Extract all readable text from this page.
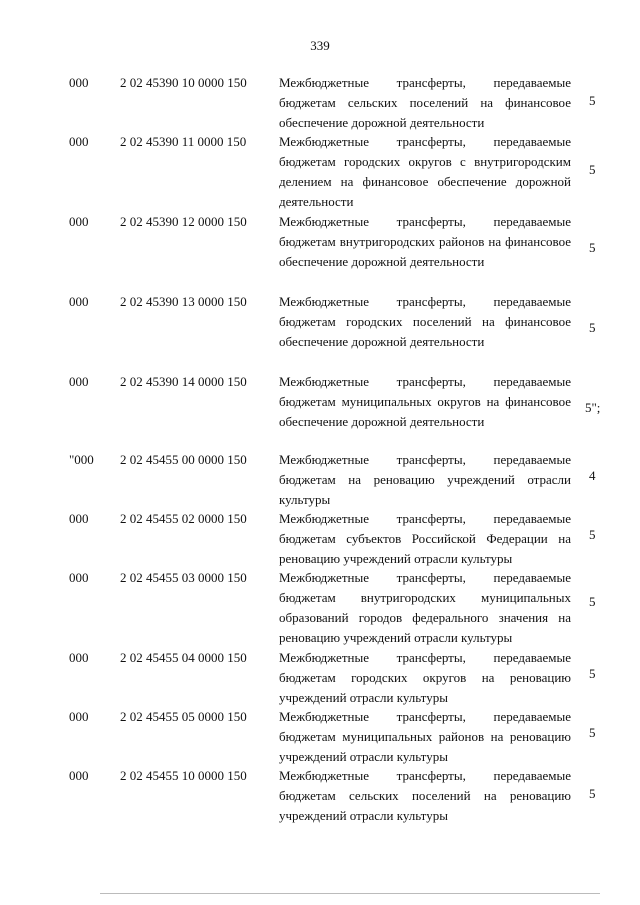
339
000 2 02 45390 10 0000 150 Межбюджетные трансферты, передаваемые бюджетам сельских поселений на финансовое обеспечение дорожной деятельности

5
000 2 02 45390 11 0000 150	Межбюджетные трансферты, передаваемые бюджетам городских округов с внутригородским делением на финансовое обеспечение дорожной деятельности

5
000 2 02 45390 12 0000 150 Межбюджетные трансферты, передаваемые бюджетам внутригородских районов на финансовое обеспечение дорожной деятельности

5
000 2 02 45390 13 0000 150 Межбюджетные трансферты, передаваемые бюджетам городских поселений на финансовое обеспечение дорожной деятельности

5
000 2 02 45390 14 0000 150 Межбюджетные трансферты, передаваемые бюджетам муниципальных округов на финансовое обеспечение дорожной деятельности

5";
"000 2 02 45455 00 0000 150 Межбюджетные трансферты, передаваемые бюджетам на реновацию учреждений отрасли культуры

4
000 2 02 45455 02 0000 150 Межбюджетные трансферты, передаваемые бюджетам субъектов Российской Федерации на реновацию учреждений отрасли культуры

5
000 2 02 45455 03 0000 150 Межбюджетные трансферты, передаваемые бюджетам внутригородских муниципальных образований городов федерального значения на реновацию учреждений отрасли культуры

5
000 2 02 45455 04 0000 150 Межбюджетные трансферты, передаваемые бюджетам городских округов на реновацию учреждений отрасли культуры

5
000 2 02 45455 05 0000 150 Межбюджетные трансферты, передаваемые бюджетам муниципальных районов на реновацию учреждений отрасли культуры

5
000 2 02 45455 10 0000 150 Межбюджетные трансферты, передаваемые бюджетам сельских поселений на реновацию учреждений отрасли культуры

5
